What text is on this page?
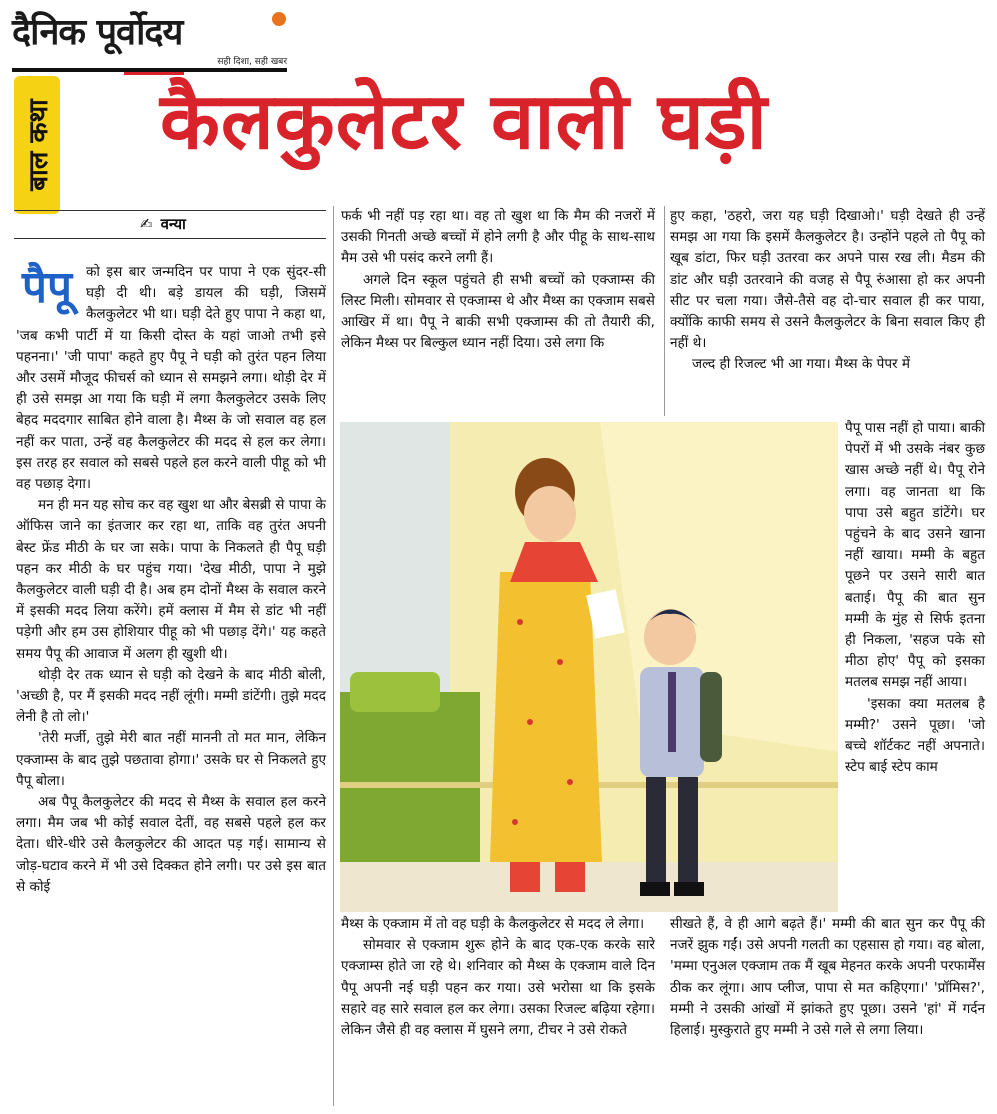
दैनिक पूर्वोदय
सही दिशा, सही खबर
बाल कथा कैलकुलेटर वाली घड़ी
✍ वन्या

पैपू को इस बार जन्मदिन पर पापा ने एक सुंदर-सी घड़ी दी थी। बड़े डायल की घड़ी, जिसमें कैलकुलेटर भी था। घड़ी देते हुए पापा ने कहा था, 'जब कभी पार्टी में या किसी दोस्त के यहां जाओ तभी इसे पहनना।' 'जी पापा' कहते हुए पैपू ने घड़ी को तुरंत पहन लिया और उसमें मौजूद फीचर्स को ध्यान से समझने लगा। थोड़ी देर में ही उसे समझ आ गया कि घड़ी में लगा कैलकुलेटर उसके लिए बेहद मददगार साबित होने वाला है। मैथ्स के जो सवाल वह हल नहीं कर पाता, उन्हें वह कैलकुलेटर की मदद से हल कर लेगा। इस तरह हर सवाल को सबसे पहले हल करने वाली पीहू को भी वह पछाड़ देगा।

मन ही मन यह सोच कर वह खुश था और बेसब्री से पापा के ऑफिस जाने का इंतजार कर रहा था, ताकि वह तुरंत अपनी बेस्ट फ्रेंड मीठी के घर जा सके। पापा के निकलते ही पैपू घड़ी पहन कर मीठी के घर पहुंच गया। 'देख मीठी, पापा ने मुझे कैलकुलेटर वाली घड़ी दी है। अब हम दोनों मैथ्स के सवाल करने में इसकी मदद लिया करेंगे। हमें क्लास में मैम से डांट भी नहीं पड़ेगी और हम उस होशियार पीहू को भी पछाड़ देंगे।' यह कहते समय पैपू की आवाज में अलग ही खुशी थी।

थोड़ी देर तक ध्यान से घड़ी को देखने के बाद मीठी बोली, 'अच्छी है, पर मैं इसकी मदद नहीं लूंगी। मम्मी डांटेंगी। तुझे मदद लेनी है तो लो।'

'तेरी मर्जी, तुझे मेरी बात नहीं माननी तो मत मान, लेकिन एक्जाम्स के बाद तुझे पछतावा होगा।' उसके घर से निकलते हुए पैपू बोला।

अब पैपू कैलकुलेटर की मदद से मैथ्स के सवाल हल करने लगा। मैम जब भी कोई सवाल देतीं, वह सबसे पहले हल कर देता। धीरे-धीरे उसे कैलकुलेटर की आदत पड़ गई। सामान्य से जोड़-घटाव करने में भी उसे दिक्कत होने लगी। पर उसे इस बात से कोई

फर्क भी नहीं पड़ रहा था। वह तो खुश था कि मैम की नजरों में उसकी गिनती अच्छे बच्चों में होने लगी है और पीहू के साथ-साथ मैम उसे भी पसंद करने लगी हैं।

अगले दिन स्कूल पहुंचते ही सभी बच्चों को एक्जाम्स की लिस्ट मिली। सोमवार से एक्जाम्स थे और मैथ्स का एक्जाम सबसे आखिर में था। पैपू ने बाकी सभी एक्जाम्स की तो तैयारी की, लेकिन मैथ्स पर बिल्कुल ध्यान नहीं दिया। उसे लगा कि

हुए कहा, 'ठहरो, जरा यह घड़ी दिखाओ।' घड़ी देखते ही उन्हें समझ आ गया कि इसमें कैलकुलेटर है। उन्होंने पहले तो पैपू को खूब डांटा, फिर घड़ी उतरवा कर अपने पास रख ली। मैडम की डांट और घड़ी उतरवाने की वजह से पैपू रुंआसा हो कर अपनी सीट पर चला गया। जैसे-तैसे वह दो-चार सवाल ही कर पाया, क्योंकि काफी समय से उसने कैलकुलेटर के बिना सवाल किए ही नहीं थे।

जल्द ही रिजल्ट भी आ गया। मैथ्स के पेपर में

पैपू पास नहीं हो पाया। बाकी पेपरों में भी उसके नंबर कुछ खास अच्छे नहीं थे। पैपू रोने लगा। वह जानता था कि पापा उसे बहुत डांटेंगे। घर पहुंचने के बाद उसने खाना नहीं खाया। मम्मी के बहुत पूछने पर उसने सारी बात बताई। पैपू की बात सुन मम्मी के मुंह से सिर्फ इतना ही निकला, 'सहज पके सो मीठा होए' पैपू को इसका मतलब समझ नहीं आया।

'इसका क्या मतलब है मम्मी?' उसने पूछा। 'जो बच्चे शॉर्टकट नहीं अपनाते। स्टेप बाई स्टेप काम

मैथ्स के एक्जाम में तो वह घड़ी के कैलकुलेटर से मदद ले लेगा।

सोमवार से एक्जाम शुरू होने के बाद एक-एक करके सारे एक्जाम्स होते जा रहे थे। शनिवार को मैथ्स के एक्जाम वाले दिन पैपू अपनी नई घड़ी पहन कर गया। उसे भरोसा था कि इसके सहारे वह सारे सवाल हल कर लेगा। उसका रिजल्ट बढ़िया रहेगा। लेकिन जैसे ही वह क्लास में घुसने लगा, टीचर ने उसे रोकते

सीखते हैं, वे ही आगे बढ़ते हैं।' मम्मी की बात सुन कर पैपू की नजरें झुक गईं। उसे अपनी गलती का एहसास हो गया। वह बोला, 'मम्मा एनुअल एक्जाम तक मैं खूब मेहनत करके अपनी परफार्मेंस ठीक कर लूंगा। आप प्लीज, पापा से मत कहिएगा।' 'प्रॉमिस?', मम्मी ने उसकी आंखों में झांकते हुए पूछा। उसने 'हां' में गर्दन हिलाई। मुस्कुराते हुए मम्मी ने उसे गले से लगा लिया।
